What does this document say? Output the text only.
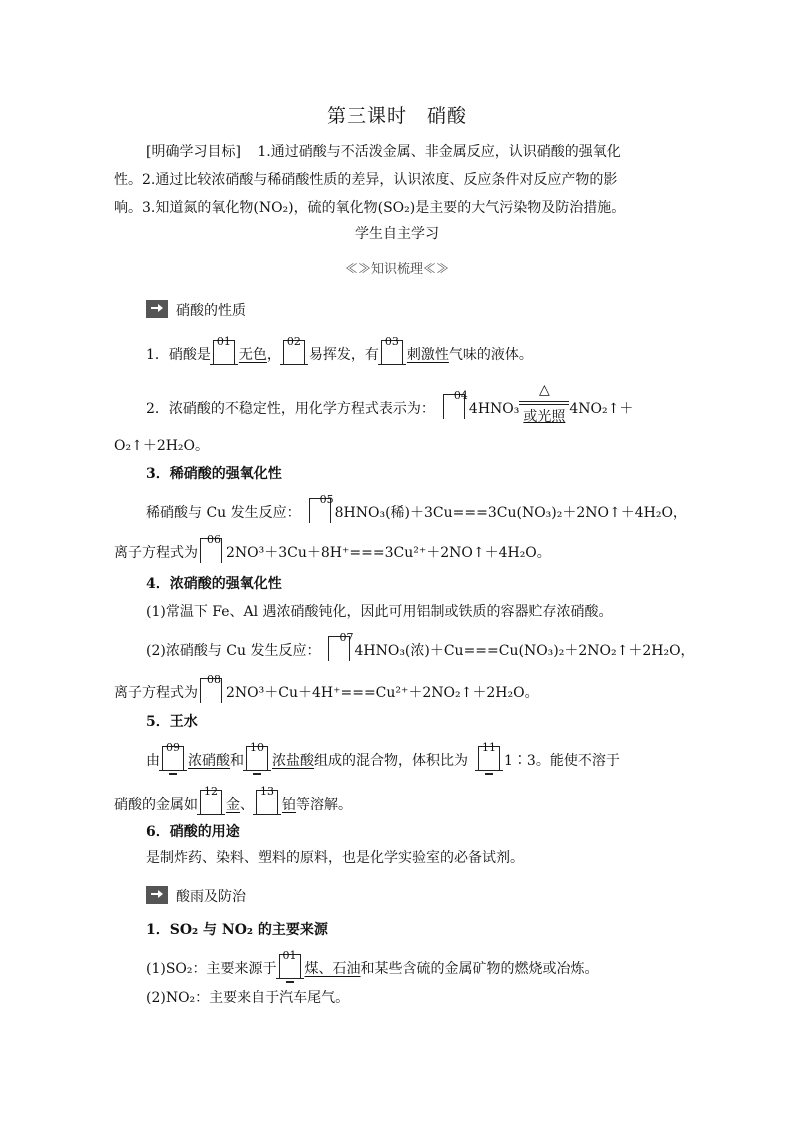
第三课时　硝酸
[明确学习目标] 1.通过硝酸与不活泼金属、非金属反应，认识硝酸的强氧化
性。2.通过比较浓硝酸与稀硝酸性质的差异，认识浓度、反应条件对反应产物的影
响。3.知道氮的氧化物(NO₂)，硫的氧化物(SO₂)是主要的大气污染物及防治措施。
学生自主学习
≪≫知识梳理≪≫
硝酸的性质
1．硝酸是
01
无色，
02
易挥发，有
03
刺激性气味的液体。
2．浓硝酸的不稳定性，用化学方程式表示为：
04
4HNO₃
△
或光照 4NO₂↑＋
O₂↑＋2H₂O。
3．稀硝酸的强氧化性
稀硝酸与 Cu 发生反应：
05
8HNO₃(稀)＋3Cu===3Cu(NO₃)₂＋2NO↑＋4H₂O，
离子方程式为
06
2NO³＋3Cu＋8H⁺===3Cu²⁺＋2NO↑＋4H₂O。
4．浓硝酸的强氧化性
(1)常温下 Fe、Al 遇浓硝酸钝化，因此可用铝制或铁质的容器贮存浓硝酸。
(2)浓硝酸与 Cu 发生反应：
07
4HNO₃(浓)＋Cu===Cu(NO₃)₂＋2NO₂↑＋2H₂O，
离子方程式为
08
2NO³＋Cu＋4H⁺===Cu²⁺＋2NO₂↑＋2H₂O。
5．王水
由
09
浓硝酸和
10
浓盐酸组成的混合物，体积比为
11
1∶3。能使不溶于
硝酸的金属如
12
金、
13
铂等溶解。
6．硝酸的用途
是制炸药、染料、塑料的原料，也是化学实验室的必备试剂。
酸雨及防治
1．SO₂ 与 NO₂ 的主要来源
(1)SO₂：主要来源于
01
煤、石油和某些含硫的金属矿物的燃烧或冶炼。
(2)NO₂：主要来自于汽车尾气。
